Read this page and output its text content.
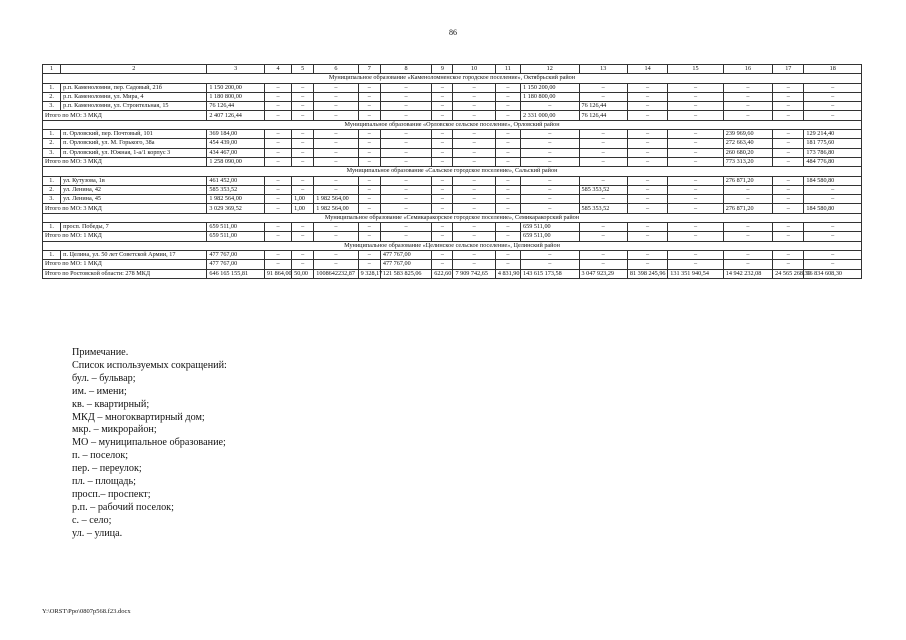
86
1	2	3	4	5	6	7	8	9	10	11	12	13	14	15	16	17	18
Муниципальное образование «Каменоломненское городское поселение», Октябрьский район																	
1.	р.п. Каменоломни, пер. Садовый, 21б	1 150 200,00	–	–	–	–	–	–	–	–	1 150 200,00	–	–	–	–	–	–
2.	р.п. Каменоломни, ул. Мира, 4	1 180 800,00	–	–	–	–	–	–	–	–	1 180 800,00	–	–	–	–	–	–
3.	р.п. Каменоломни, ул. Строительная, 15	76 126,44	–	–	–	–	–	–	–	–	–	76 126,44	–	–	–	–	–
Итого по МО: 3 МКД		2 407 126,44	–	–	–	–	–	–	–	–	2 331 000,00	76 126,44	–	–	–	–	–
Муниципальное образование «Орловское сельское поселение», Орловский район																	
1.	п. Орловский, пер. Почтовый, 101	369 184,00	–	–	–	–	–	–	–	–	–	–	–	–	239 969,60	–	129 214,40
2.	п. Орловский, ул. М. Горького, 38а	454 439,00	–	–	–	–	–	–	–	–	–	–	–	–	272 663,40	–	181 775,60
3.	п. Орловский, ул. Южная, 1-а/1 корпус 3	434 467,00	–	–	–	–	–	–	–	–	–	–	–	–	260 680,20	–	173 786,80
Итого по МО: 3 МКД		1 258 090,00	–	–	–	–	–	–	–	–	–	–	–	–	773 313,20	–	484 776,80
Муниципальное образование «Сальское городское поселение», Сальский район																	
1.	ул. Кутузова, 1в	461 452,00	–	–	–	–	–	–	–	–	–	–	–	–	276 871,20	–	184 580,80
2.	ул. Ленина, 42	585 353,52	–	–	–	–	–	–	–	–	–	585 353,52	–	–	–	–	–
3.	ул. Ленина, 45	1 982 564,00	–	1,00	1 982 564,00	–	–	–	–	–	–	–	–	–	–	–	–
Итого по МО: 3 МКД		3 029 369,52	–	1,00	1 982 564,00	–	–	–	–	–	–	585 353,52	–	–	276 871,20	–	184 580,80
Муниципальное образование «Семикаракорское городское поселение», Семикаракорский район																	
1.	просп. Победы, 7	659 511,00	–	–	–	–	–	–	–	–	659 511,00	–	–	–	–	–	–
Итого по МО: 1 МКД		659 511,00	–	–	–	–	–	–	–	–	659 511,00	–	–	–	–	–	–
Муниципальное образование «Целинское сельское поселение», Целинский район																	
1.	п. Целина, ул. 50 лет Советской Армии, 17	477 767,00	–	–	–	–	477 767,00	–	–	–	–	–	–	–	–	–	–
Итого по МО: 1 МКД		477 767,00	–	–	–	–	477 767,00	–	–	–	–	–	–	–	–	–	–
Итого по Ростовской области: 278 МКД		646 165 155,81	91 864,00	50,00	1008642232,87	9 328,17	121 583 825,06	622,60	7 909 742,65	4 831,90	143 615 173,58	3 047 923,29	81 398 245,96	131 351 940,54	14 942 232,08	24 565 268,39	16 834 608,30
Примечание.
Список используемых сокращений:
бул. – бульвар;
им. – имени;
кв. – квартирный;
МКД – многоквартирный дом;
мкр. – микрорайон;
МО – муниципальное образование;
п. – поселок;
пер. – переулок;
пл. – площадь;
просп.– проспект;
р.п. – рабочий поселок;
с. – село;
ул. – улица.
Y:\ORST\Ppo\0807p568.f23.docx
